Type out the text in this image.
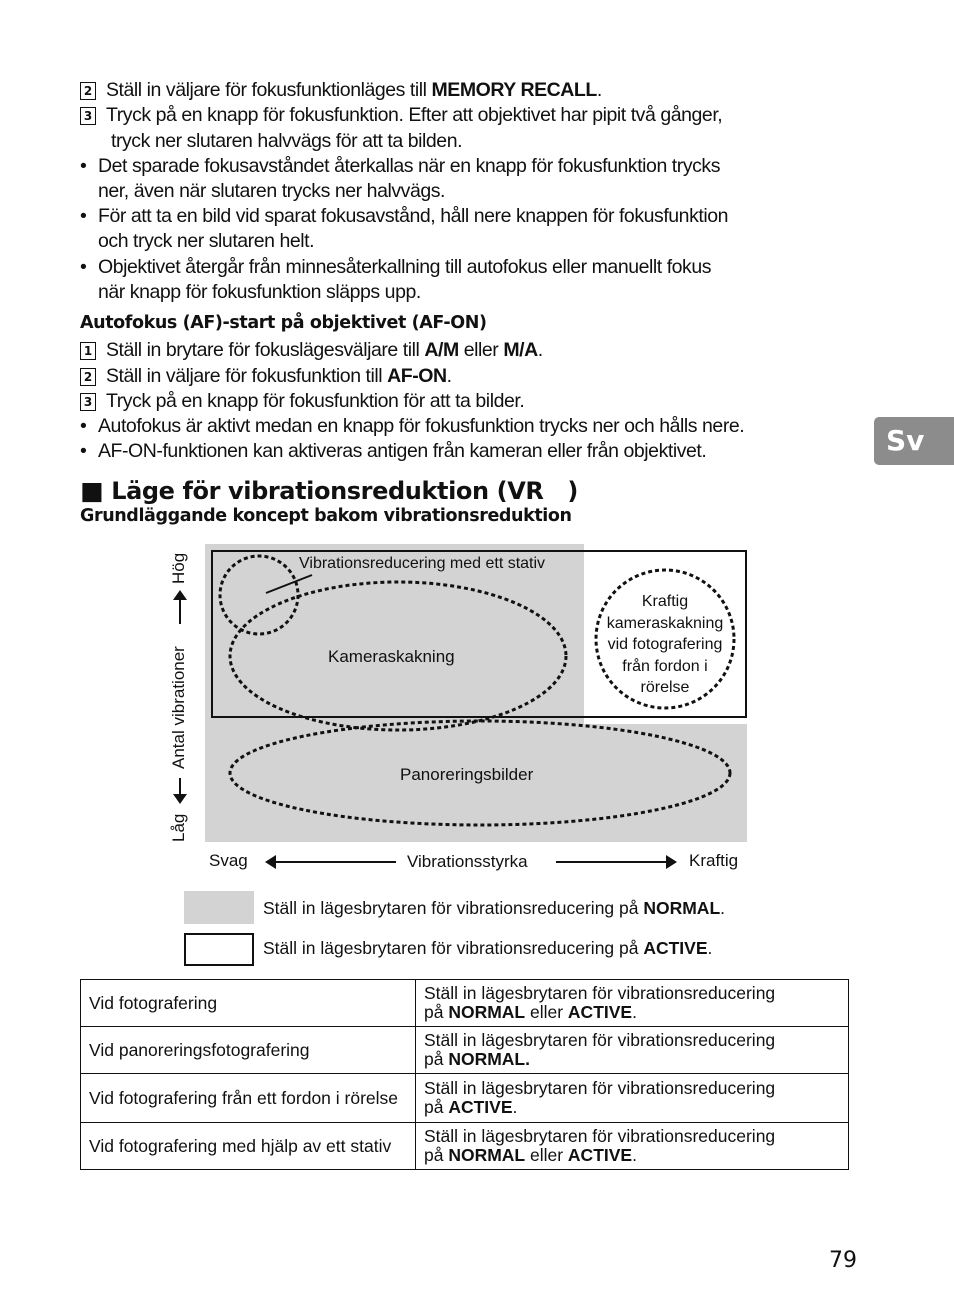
2 Ställ in väljare för fokusfunktionläges till MEMORY RECALL.
3 Tryck på en knapp för fokusfunktion. Efter att objektivet har pipit två gånger,
tryck ner slutaren halvvägs för att ta bilden.
• Det sparade fokusavståndet återkallas när en knapp för fokusfunktion trycks
ner, även när slutaren trycks ner halvvägs.
• För att ta en bild vid sparat fokusavstånd, håll nere knappen för fokusfunktion
och tryck ner slutaren helt.
• Objektivet återgår från minnesåterkallning till autofokus eller manuellt fokus
när knapp för fokusfunktion släpps upp.
Autofokus (AF)-start på objektivet (AF-ON)
1 Ställ in brytare för fokuslägesväljare till A/M eller M/A.
2 Ställ in väljare för fokusfunktion till AF-ON.
3 Tryck på en knapp för fokusfunktion för att ta bilder.
• Autofokus är aktivt medan en knapp för fokusfunktion trycks ner och hålls nere.
• AF-ON-funktionen kan aktiveras antigen från kameran eller från objektivet.	Sv
■ Läge för vibrationsreduktion (VR   )
Grundläggande koncept bakom vibrationsreduktion
Vibrationsreducering med ett stativ
Kameraskakning
Kraftig
kameraskakning
vid fotografering
från fordon i
rörelse
Panoreringsbilder
Låg
Antal vibrationer
Hög
Svag	Vibrationsstyrka	Kraftig
Ställ in lägesbrytaren för vibrationsreducering på NORMAL.
Ställ in lägesbrytaren för vibrationsreducering på ACTIVE.
Vid fotografering	Ställ in lägesbrytaren för vibrationsreducering
på NORMAL eller ACTIVE.

Vid panoreringsfotografering	Ställ in lägesbrytaren för vibrationsreducering
på NORMAL.

Vid fotografering från ett fordon i rörelse	Ställ in lägesbrytaren för vibrationsreducering
på ACTIVE.

Vid fotografering med hjälp av ett stativ	Ställ in lägesbrytaren för vibrationsreducering
på NORMAL eller ACTIVE.
79
